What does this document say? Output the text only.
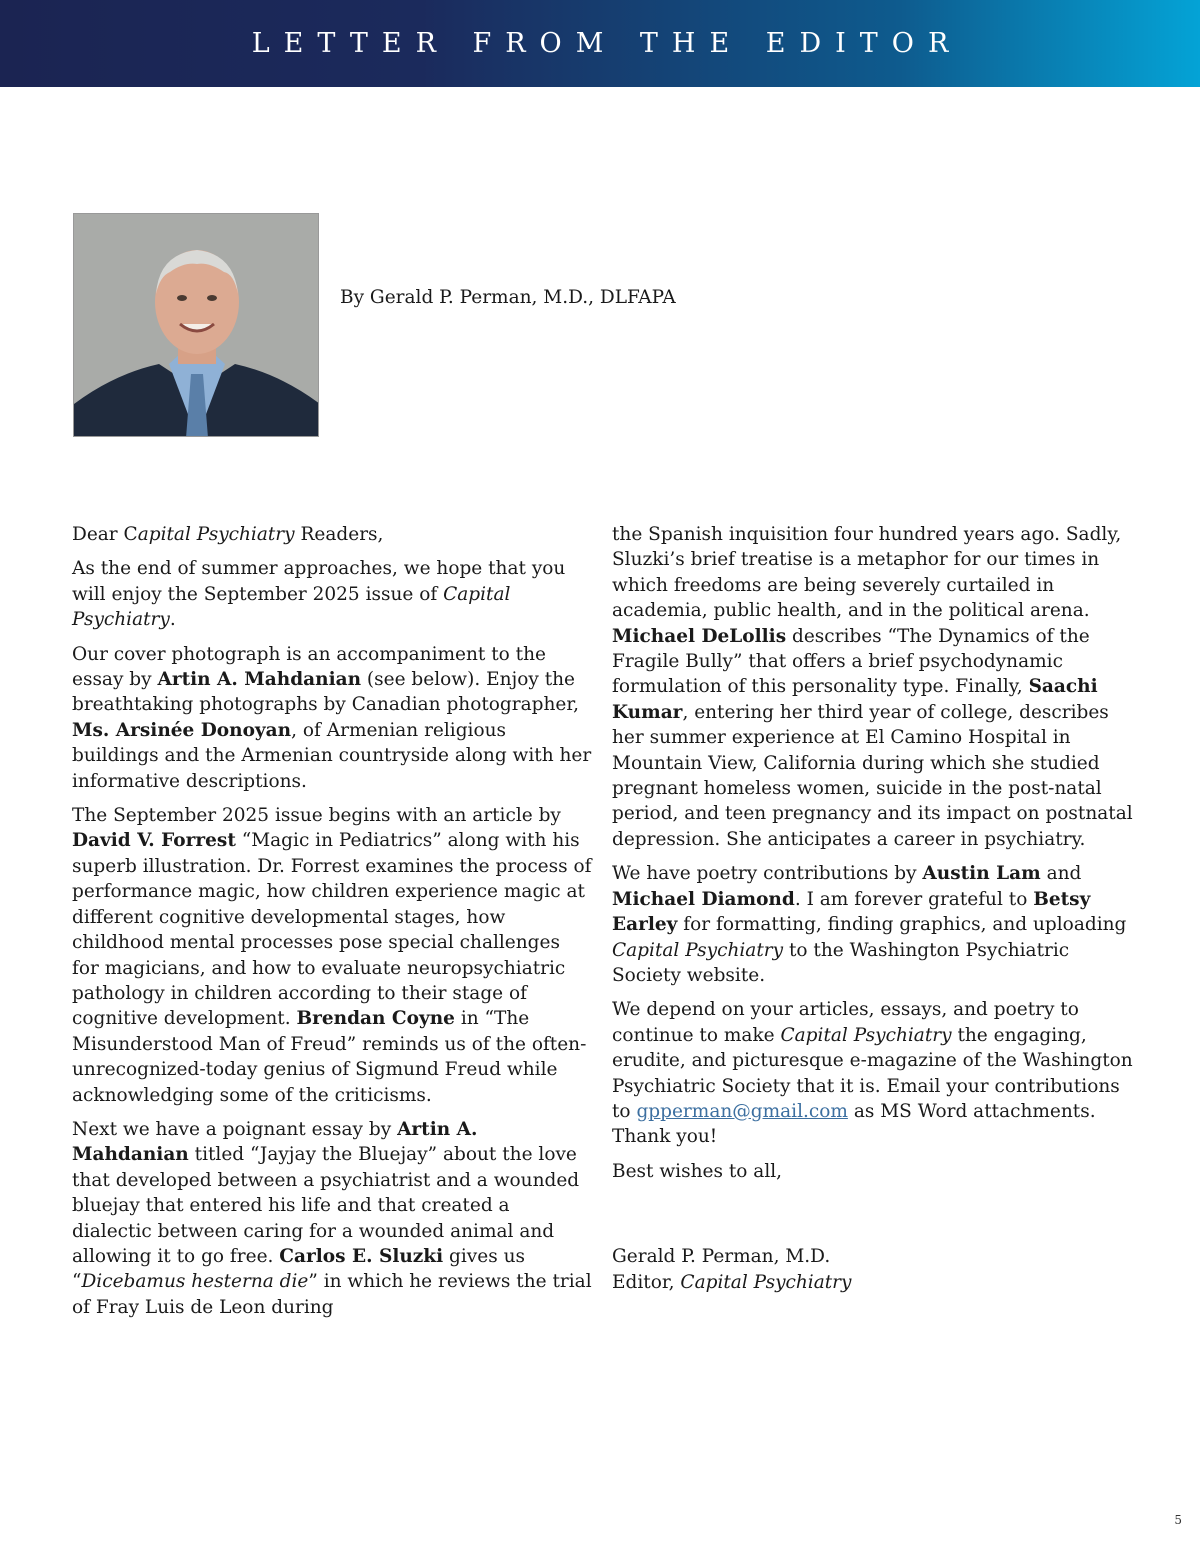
LETTER FROM THE EDITOR
By Gerald P. Perman, M.D., DLFAPA

Dear Capital Psychiatry Readers,

As the end of summer approaches, we hope that you will enjoy the September 2025 issue of Capital Psychiatry.

Our cover photograph is an accompaniment to the essay by Artin A. Mahdanian (see below). Enjoy the breathtaking photographs by Canadian photographer, Ms. Arsinée Donoyan, of Armenian religious buildings and the Armenian countryside along with her informative descriptions.

The September 2025 issue begins with an article by David V. Forrest “Magic in Pediatrics” along with his superb illustration. Dr. Forrest examines the process of performance magic, how children experience magic at different cognitive developmental stages, how childhood mental processes pose special challenges for magicians, and how to evaluate neuropsychiatric pathology in children according to their stage of cognitive development. Brendan Coyne in “The Misunderstood Man of Freud” reminds us of the often-unrecognized-today genius of Sigmund Freud while acknowledging some of the criticisms.

Next we have a poignant essay by Artin A. Mahdanian titled “Jayjay the Bluejay” about the love that developed between a psychiatrist and a wounded bluejay that entered his life and that created a dialectic between caring for a wounded animal and allowing it to go free. Carlos E. Sluzki gives us “Dicebamus hesterna die” in which he reviews the trial of Fray Luis de Leon during

the Spanish inquisition four hundred years ago. Sadly, Sluzki’s brief treatise is a metaphor for our times in which freedoms are being severely curtailed in academia, public health, and in the political arena. Michael DeLollis describes “The Dynamics of the Fragile Bully” that offers a brief psychodynamic formulation of this personality type. Finally, Saachi Kumar, entering her third year of college, describes her summer experience at El Camino Hospital in Mountain View, California during which she studied pregnant homeless women, suicide in the post-natal period, and teen pregnancy and its impact on postnatal depression. She anticipates a career in psychiatry.

We have poetry contributions by Austin Lam and Michael Diamond. I am forever grateful to Betsy Earley for formatting, finding graphics, and uploading Capital Psychiatry to the Washington Psychiatric Society website.

We depend on your articles, essays, and poetry to continue to make Capital Psychiatry the engaging, erudite, and picturesque e-magazine of the Washington Psychiatric Society that it is. Email your contributions to gpperman@gmail.com as MS Word attachments. Thank you!

Best wishes to all,

Gerald P. Perman, M.D.
Editor, Capital Psychiatry

5
